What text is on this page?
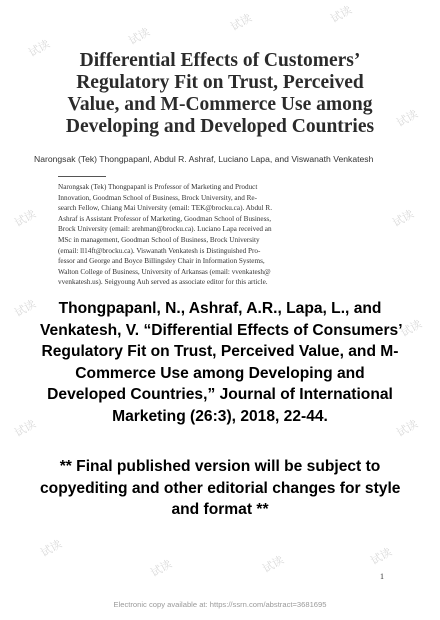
试读
试读
试读	试读
试读
试读	试读
试读
试读
试读	试读
试读
试读	试读	试读
Differential Effects of Customers’
Regulatory Fit on Trust, Perceived
Value, and M-Commerce Use among
Developing and Developed Countries
Narongsak (Tek) Thongpapanl, Abdul R. Ashraf, Luciano Lapa, and Viswanath Venkatesh
Narongsak (Tek) Thongpapanl is Professor of Marketing and Product
Innovation, Goodman School of Business, Brock University, and Re-
search Fellow, Chiang Mai University (email: TEK@brocku.ca). Abdul R.
Ashraf is Assistant Professor of Marketing, Goodman School of Business,
Brock University (email: arehman@brocku.ca). Luciano Lapa received an
MSc in management, Goodman School of Business, Brock University
(email: ll14ft@brocku.ca). Viswanath Venkatesh is Distinguished Pro-
fessor and George and Boyce Billingsley Chair in Information Systems,
Walton College of Business, University of Arkansas (email: vvenkatesh@
vvenkatesh.us). Seigyoung Auh served as associate editor for this article.
Thongpapanl, N., Ashraf, A.R., Lapa, L., and
Venkatesh, V. “Differential Effects of Consumers’
Regulatory Fit on Trust, Perceived Value, and M-
Commerce Use among Developing and
Developed Countries,” Journal of International
Marketing (26:3), 2018, 22-44.
** Final published version will be subject to
copyediting and other editorial changes for style
and format **
1
Electronic copy available at: https://ssrn.com/abstract=3681695
